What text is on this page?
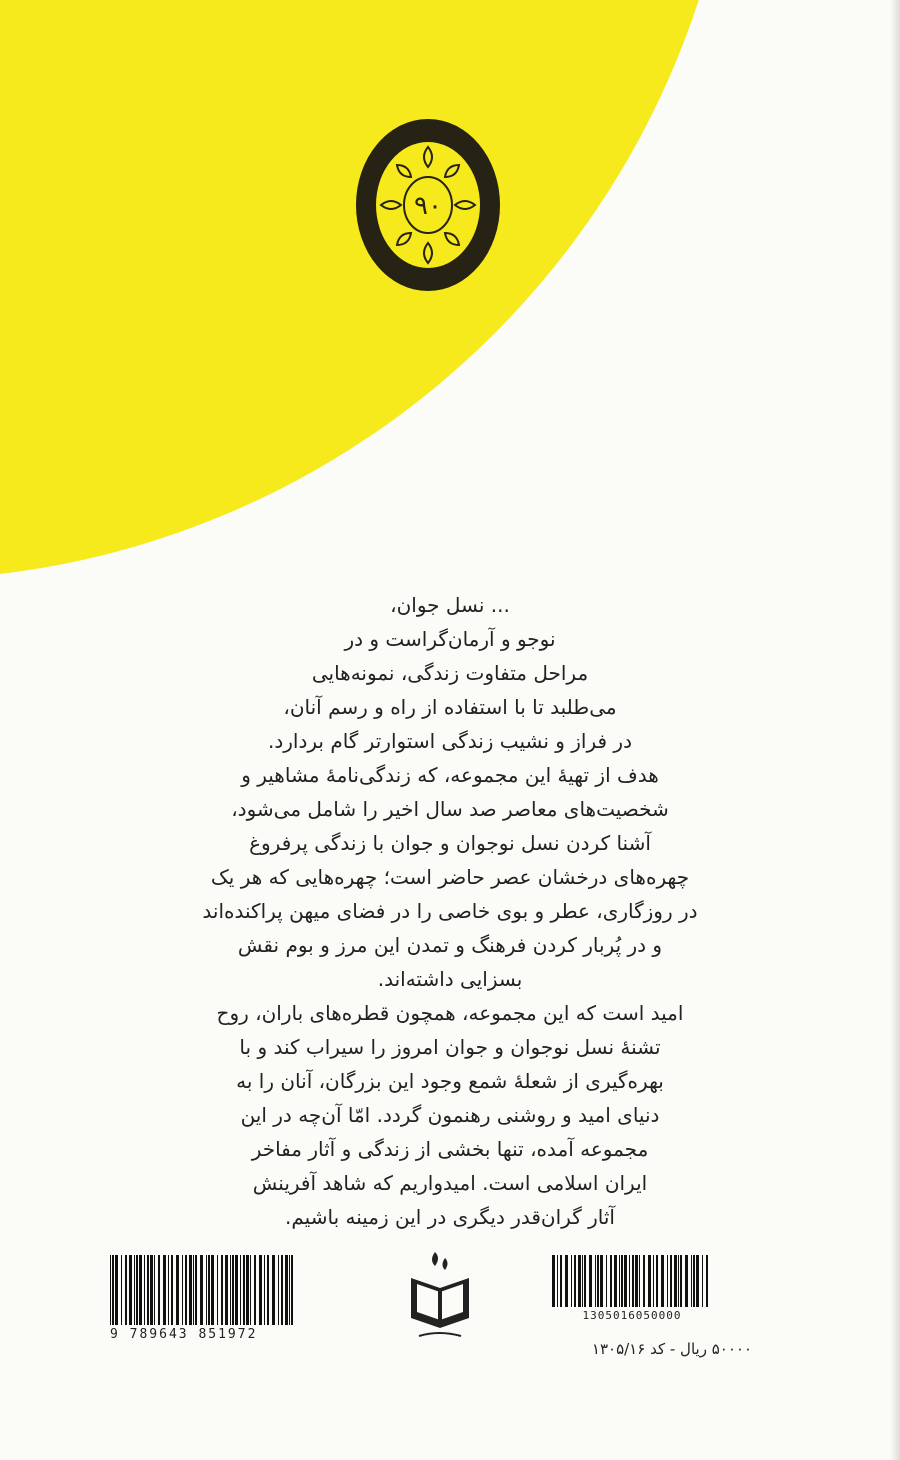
ناشر برگزیده سال‌های ۷۳، ۷۵، ۷۹، ۸۰، ۸۳، ۸۴، ۸۵، ۸۷ و
۹۰
... نسل جوان،
نوجو و آرمان‌گراست و در
مراحل متفاوت زندگی، نمونه‌هایی
می‌طلبد تا با استفاده از راه و رسم آنان،
در فراز و نشیب زندگی استوارتر گام بردارد.
هدف از تهیهٔ این مجموعه، که زندگی‌نامهٔ مشاهیر و
شخصیت‌های معاصر صد سال اخیر را شامل می‌شود،
آشنا کردن نسل نوجوان و جوان با زندگی پرفروغ
چهره‌های درخشان عصر حاضر است؛ چهره‌هایی که هر یک
در روزگاری، عطر و بوی خاصی را در فضای میهن پراکنده‌اند
و در پُربار کردن فرهنگ و تمدن این مرز و بوم نقش
بسزایی داشته‌اند.
امید است که این مجموعه، همچون قطره‌های باران، روح
تشنهٔ نسل نوجوان و جوان امروز را سیراب کند و با
بهره‌گیری از شعلهٔ شمع وجود این بزرگان، آنان را به
دنیای امید و روشنی رهنمون گردد. امّا آن‌چه در این
مجموعه آمده، تنها بخشی از زندگی و آثار مفاخر
ایران اسلامی است. امیدواریم که شاهد آفرینش
آثار گران‌قدر دیگری در این زمینه باشیم.
9 789643 851972
1305016050000
۵۰۰۰۰ ریال - کد ۱۳۰۵/۱۶
